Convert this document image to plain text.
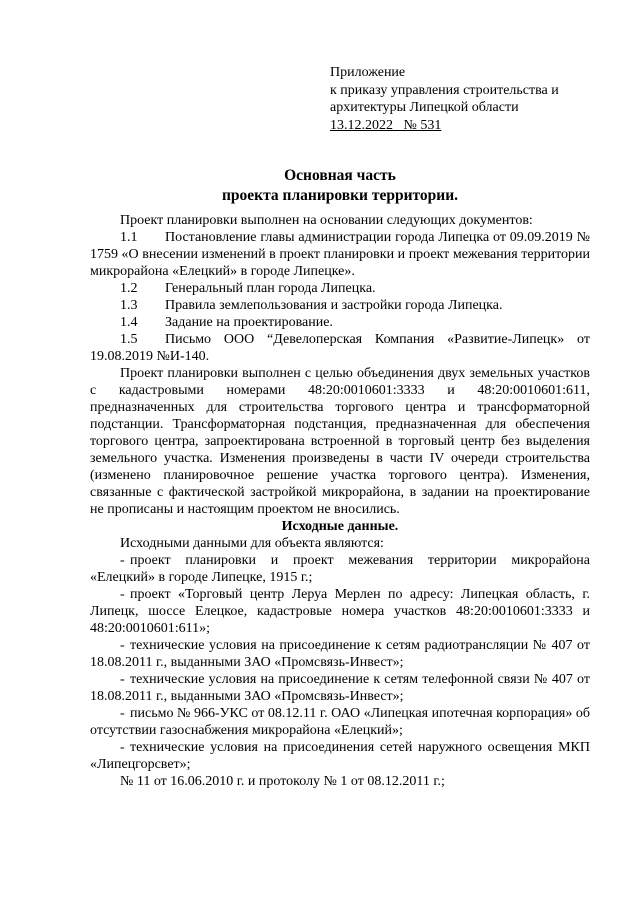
Приложение
к приказу управления строительства и
архитектуры Липецкой области
13.12.2022 № 531
Основная часть
проекта планировки территории.

Проект планировки выполнен на основании следующих документов:

1.1 Постановление главы администрации города Липецка от 09.09.2019 № 1759 «О внесении изменений в проект планировки и проект межевания территории микрорайона «Елецкий» в городе Липецке».

1.2 Генеральный план города Липецка.

1.3 Правила землепользования и застройки города Липецка.

1.4 Задание на проектирование.

1.5 Письмо ООО “Девелоперская Компания «Развитие-Липецк» от 19.08.2019 №И-140.

Проект планировки выполнен с целью объединения двух земельных участков с кадастровыми номерами 48:20:0010601:3333 и 48:20:0010601:611, предназначенных для строительства торгового центра и трансформаторной подстанции. Трансформаторная подстанция, предназначенная для обеспечения торгового центра, запроектирована встроенной в торговый центр без выделения земельного участка. Изменения произведены в части IV очереди строительства (изменено планировочное решение участка торгового центра). Изменения, связанные с фактической застройкой микрорайона, в задании на проектирование не прописаны и настоящим проектом не вносились.

Исходные данные.

Исходными данными для объекта являются:

- проект планировки и проект межевания территории микрорайона «Елецкий» в городе Липецке, 1915 г.;

- проект «Торговый центр Леруа Мерлен по адресу: Липецкая область, г. Липецк, шоссе Елецкое, кадастровые номера участков 48:20:0010601:3333 и 48:20:0010601:611»;

- технические условия на присоединение к сетям радиотрансляции № 407 от 18.08.2011 г., выданными ЗАО «Промсвязь-Инвест»;

- технические условия на присоединение к сетям телефонной связи № 407 от 18.08.2011 г., выданными ЗАО «Промсвязь-Инвест»;

- письмо № 966-УКС от 08.12.11 г. ОАО «Липецкая ипотечная корпорация» об отсутствии газоснабжения микрорайона «Елецкий»;

- технические условия на присоединения сетей наружного освещения МКП «Липецгорсвет»;

№ 11 от 16.06.2010 г. и протоколу № 1 от 08.12.2011 г.;
